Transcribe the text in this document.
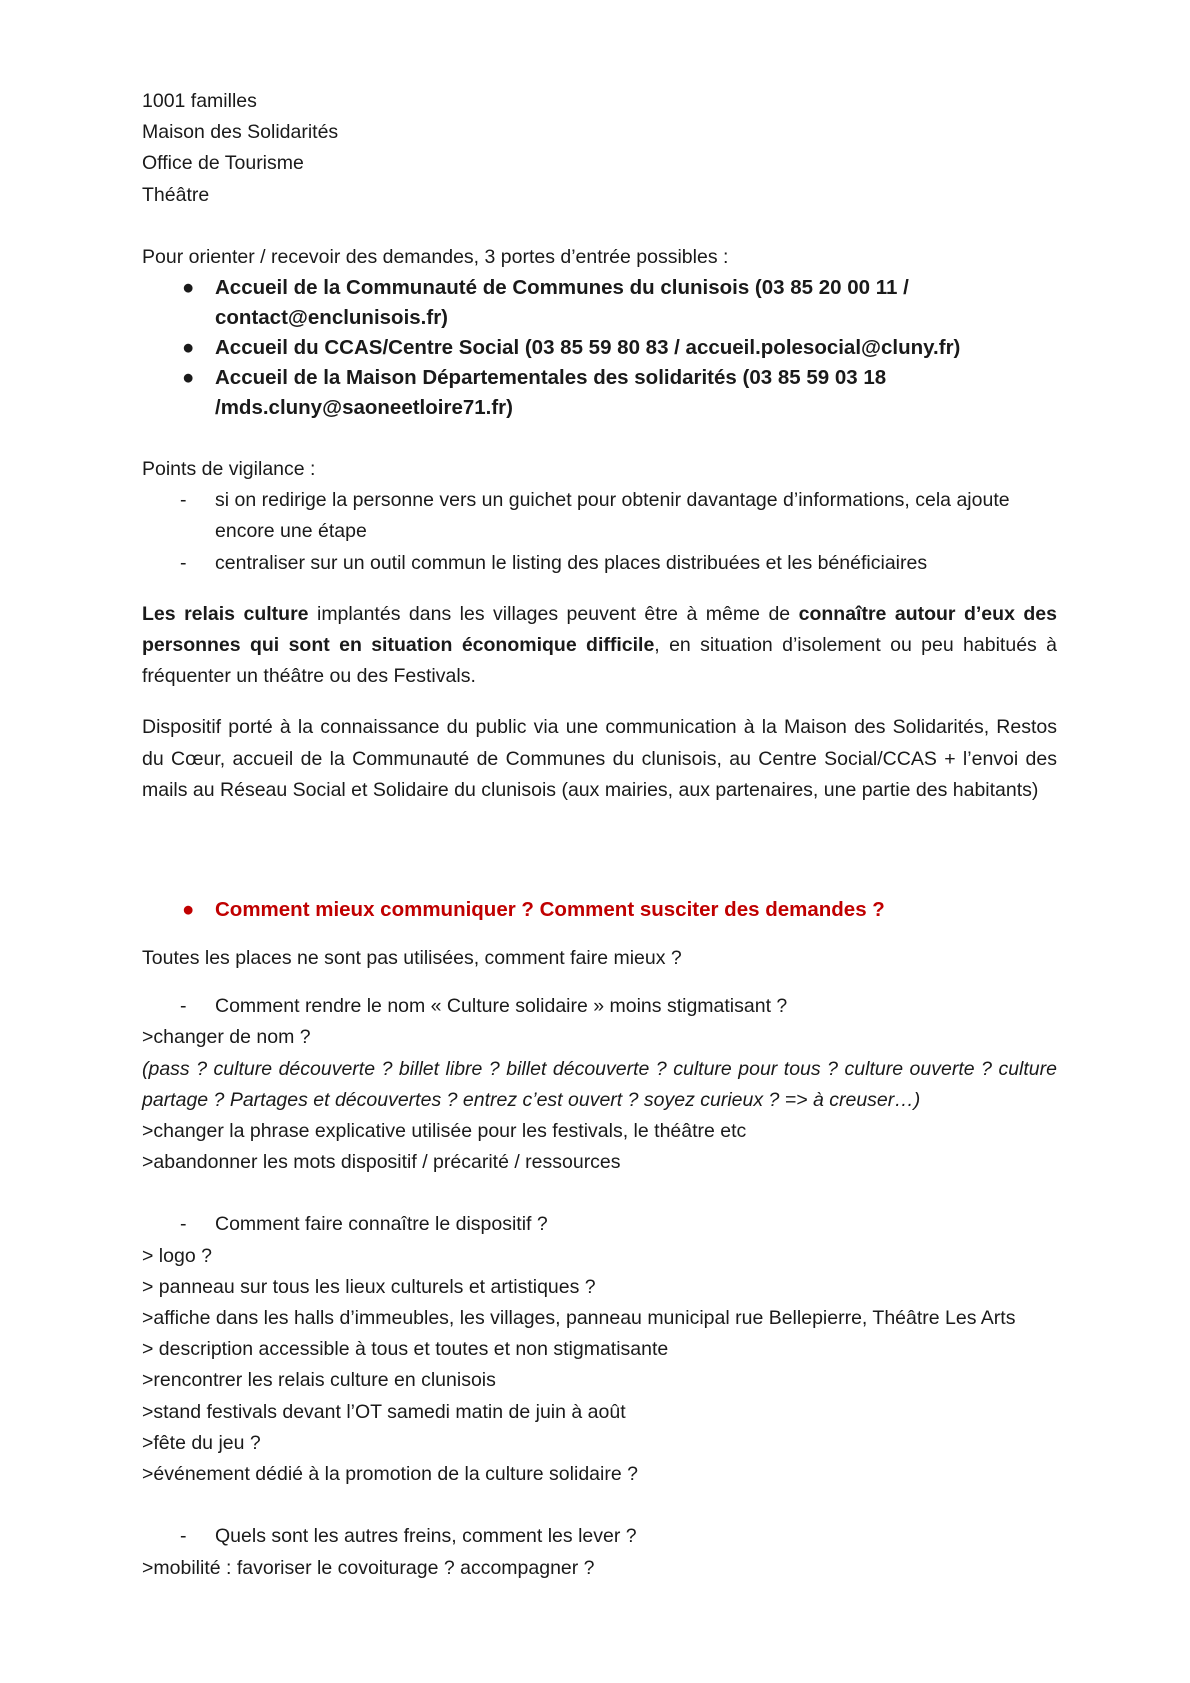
1001 familles
Maison des Solidarités
Office de Tourisme
Théâtre
Pour orienter / recevoir des demandes, 3 portes d’entrée possibles :
● Accueil de la Communauté de Communes du clunisois (03 85 20 00 11 /
contact@enclunisois.fr)
● Accueil du CCAS/Centre Social (03 85 59 80 83 / accueil.polesocial@cluny.fr)
● Accueil de la Maison Départementales des solidarités (03 85 59 03 18
/mds.cluny@saoneetloire71.fr)
Points de vigilance :
- si on redirige la personne vers un guichet pour obtenir davantage d’informations, cela ajoute
encore une étape
- centraliser sur un outil commun le listing des places distribuées et les bénéficiaires
Les relais culture implantés dans les villages peuvent être à même de connaître autour d’eux des
personnes qui sont en situation économique difficile, en situation d’isolement ou peu habitués à
fréquenter un théâtre ou des Festivals.
Dispositif porté à la connaissance du public via une communication à la Maison des Solidarités, Restos
du Cœur, accueil de la Communauté de Communes du clunisois, au Centre Social/CCAS + l’envoi des
mails au Réseau Social et Solidaire du clunisois (aux mairies, aux partenaires, une partie des habitants)
● Comment mieux communiquer ? Comment susciter des demandes ?
Toutes les places ne sont pas utilisées, comment faire mieux ?
- Comment rendre le nom « Culture solidaire » moins stigmatisant ?
>changer de nom ?
(pass ? culture découverte ? billet libre ? billet découverte ? culture pour tous ? culture ouverte ? culture
partage ? Partages et découvertes ? entrez c’est ouvert ? soyez curieux ? => à creuser…)
>changer la phrase explicative utilisée pour les festivals, le théâtre etc
>abandonner les mots dispositif / précarité / ressources
- Comment faire connaître le dispositif ?
> logo ?
> panneau sur tous les lieux culturels et artistiques ?
>affiche dans les halls d’immeubles, les villages, panneau municipal rue Bellepierre, Théâtre Les Arts
> description accessible à tous et toutes et non stigmatisante
>rencontrer les relais culture en clunisois
>stand festivals devant l’OT samedi matin de juin à août
>fête du jeu ?
>événement dédié à la promotion de la culture solidaire ?
- Quels sont les autres freins, comment les lever ?
>mobilité : favoriser le covoiturage ? accompagner ?
